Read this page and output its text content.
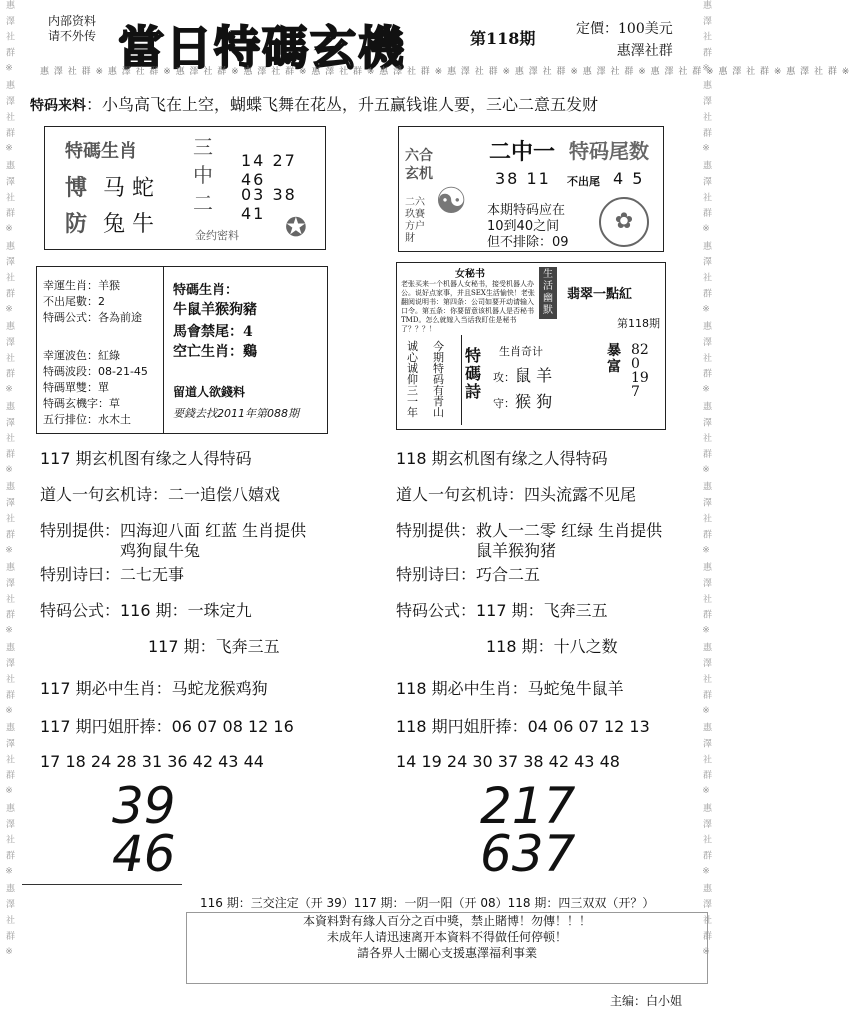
惠 澤 社 群 ※ 惠 澤 社 群 ※ 惠 澤 社 群 ※ 惠 澤 社 群 ※ 惠 澤 社 群 ※ 惠 澤 社 群 ※ 惠 澤 社 群 ※ 惠 澤 社 群 ※ 惠 澤 社 群 ※ 惠 澤 社 群 ※ 惠 澤 社 群 ※ 惠 澤 社 群 ※	惠 澤 社 群 ※ 惠 澤 社 群 ※ 惠 澤 社 群 ※ 惠 澤 社 群 ※ 惠 澤 社 群 ※ 惠 澤 社 群 ※ 惠 澤 社 群 ※ 惠 澤 社 群 ※ 惠 澤 社 群 ※ 惠 澤 社 群 ※ 惠 澤 社 群 ※ 惠 澤 社 群 ※
内部资料
请不外传 當日特碼玄機	第118期	定價：100美元
惠澤社群
惠 澤 社 群 ※ 惠 澤 社 群 ※ 惠 澤 社 群 ※ 惠 澤 社 群 ※ 惠 澤 社 群 ※ 惠 澤 社 群 ※ 惠 澤 社 群 ※ 惠 澤 社 群 ※ 惠 澤 社 群 ※ 惠 澤 社 群 ※ 惠 澤 社 群 ※ 惠 澤 社 群 ※
特码来料：小鸟高飞在上空，蝴蝶飞舞在花丛，升五赢钱谁人要，三心二意五发财
特碼生肖
博 马 蛇
防 兔 牛
三中二
14 27 46
03 38 41
金约密料 ✪
六合玄机
二六玖賽方户財
☯
二中一 特码尾数
38 11 不出尾 4 5
本期特码应在
10到40之间
但不排除：09
✿
幸運生肖：羊猴
不出尾數：2
特碼公式：各為前途
幸運波色：紅綠
特碼波段：08-21-45
特碼單雙：單
特碼玄機字：草
五行排位：水木土
特碼生肖：
牛鼠羊猴狗豬
馬會禁尾：4
空亡生肖：鷄
留道人欲錢料
要錢去找2011年第088期
女秘书
老张买来一个机器人女秘书，接受机器人办公。说好点家事，并且SEX生活愉快！老张翻阅说明书：第四条：公司如要开动请输入口令。第五条：你要留意该机器人是否秘书TMD。怎么就嫁入当话我盯住是秘书了？？？！
生活幽默
翡翠一點紅
第118期
诚心诚仰三一年
今期特码有青山
特碼詩
生肖奇计
攻：鼠 羊
守：猴 狗
暴富
820 197
117 期玄机图有缘之人得特码
道人一句玄机诗：二一追偿八嬉戏
特别提供：四海迎八面 红蓝 生肖提供
鸡狗鼠牛兔
特别诗曰：二七无事
特码公式：116 期：一珠定九
117 期：飞奔三五
117 期必中生肖：马蛇龙猴鸡狗
117 期円姐肝捧：06 07 08 12 16
17 18 24 28 31 36 42 43 44
39 46
118 期玄机图有缘之人得特码
道人一句玄机诗：四头流露不见尾
特别提供：救人一二零 红绿 生肖提供
鼠羊猴狗猪
特别诗曰：巧合二五
特码公式：117 期：飞奔三五
118 期：十八之数
118 期必中生肖：马蛇兔牛鼠羊
118 期円姐肝捧：04 06 07 12 13
14 19 24 30 37 38 42 43 48
217 637
116 期：三交注定（开 39）117 期：一阴一阳（开 08）118 期：四三双双（开？）
本資料對有緣人百分之百中獎，禁止賭博！勿傳！！！
未成年人请迅速离开本資料不得做任何停顿！
請各界人士關心支援惠澤福利事業
主编：白小姐
